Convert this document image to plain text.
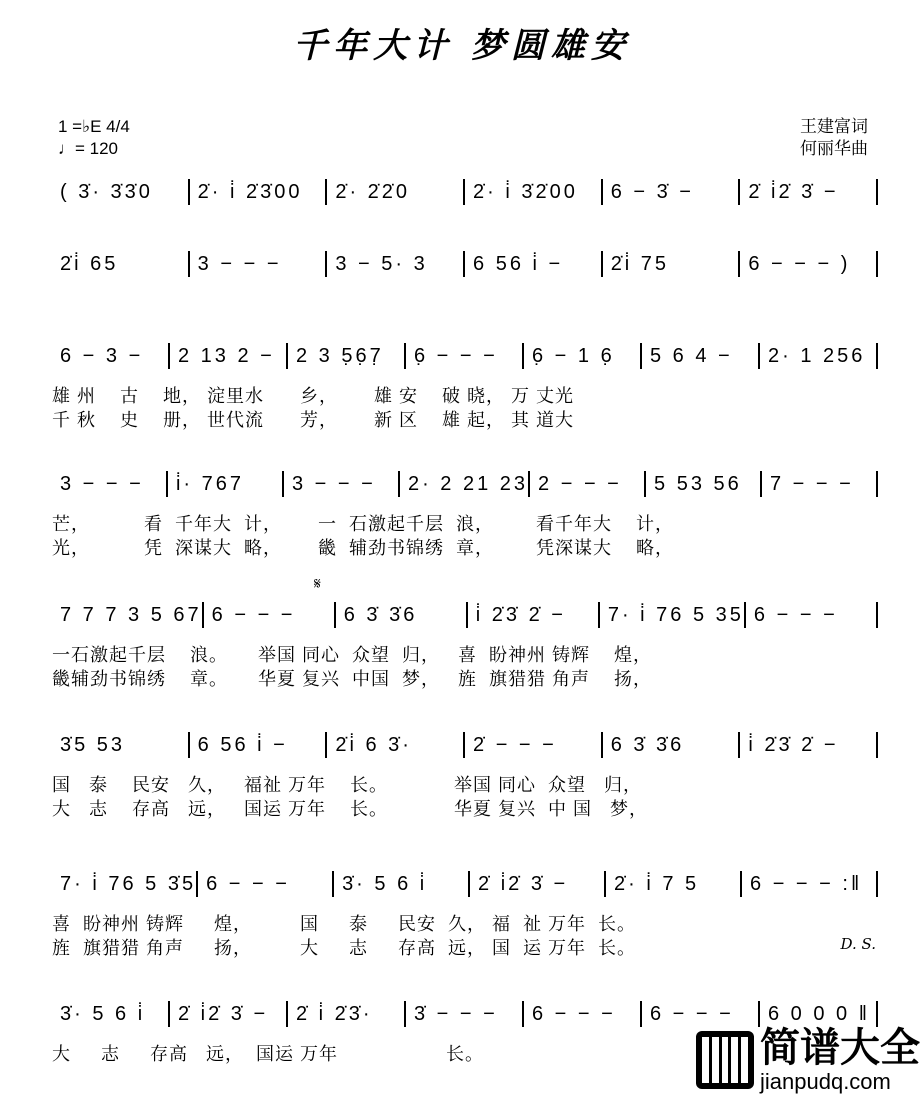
千年大计 梦圆雄安
1 =♭E 4/4
♩= 120
王建富词
何丽华曲
( 3̇· 3̇3̇0	2̇· i̇ 2̇3̇00	2̇· 2̇2̇0	2̇· i̇ 3̇2̇00	6 − 3̇ −	2̇ i̇2̇ 3̇ −
2̇i̇ 65	3 − − −	3 − 5· 3	6 56 i̇ −	2̇i̇ 75	6 − − − )
6 − 3 −	2 13 2 −	2 3 5̣6̣7̣	6̣ − − −	6̣ − 1 6̣	5 6 4 −	2· 1 256
雄 州    古    地， 淀里水      乡，      雄 安    破 晓， 万 丈光
千 秋    史    册， 世代流      芳，      新 区    雄 起， 其 道大
3 − − −	i̇· 767	3 − − −	2· 2 21 23 2 − − −	5 53 56	7 − − −
芒，         看  千年大  计，      一  石激起千层  浪，       看千年大    计，
光，         凭  深谋大  略，      畿  辅劲书锦绣  章，       凭深谋大    略，
7 7 7 3 5 67 6 − − −	6 3̇ 3̇6	i̇ 2̇3̇ 2̇ −	7· i̇ 76 5 35 6 − − −
一石激起千层    浪。     举国 同心  众望  归，   喜  盼神州 铸辉    煌，
畿辅劲书锦绣    章。     华夏 复兴  中国  梦，   旌  旗猎猎 角声    扬，
3̇5 53	6 56 i̇ −	2̇i̇ 6 3̇·	2̇ − − −	6 3̇ 3̇6	i̇ 2̇3̇ 2̇ −
国   泰    民安   久，   福祉 万年    长。           举国 同心  众望   归，
大   志    存高   远，   国运 万年    长。           华夏 复兴  中 国   梦，
7· i̇ 76 5 3̇5 6 − − −	3̇· 5 6 i̇	2̇ i̇2̇ 3̇ −	2̇· i̇ 7 5	6 − − − :‖
喜  盼神州 铸辉     煌，        国     泰     民安  久， 福  祉 万年  长。
旌  旗猎猎 角声     扬，        大     志     存高  远， 国  运 万年  长。
3̇· 5 6 i̇	2̇ i̇2̇ 3̇ −	2̇ i̇ 2̇3̇·	3̇ − − −	6 − − −	6 − − −	6 0 0 0 ‖
大     志     存高   远，  国运 万年                  长。
𝄋
D. S.
简谱大全
jianpudq.com
